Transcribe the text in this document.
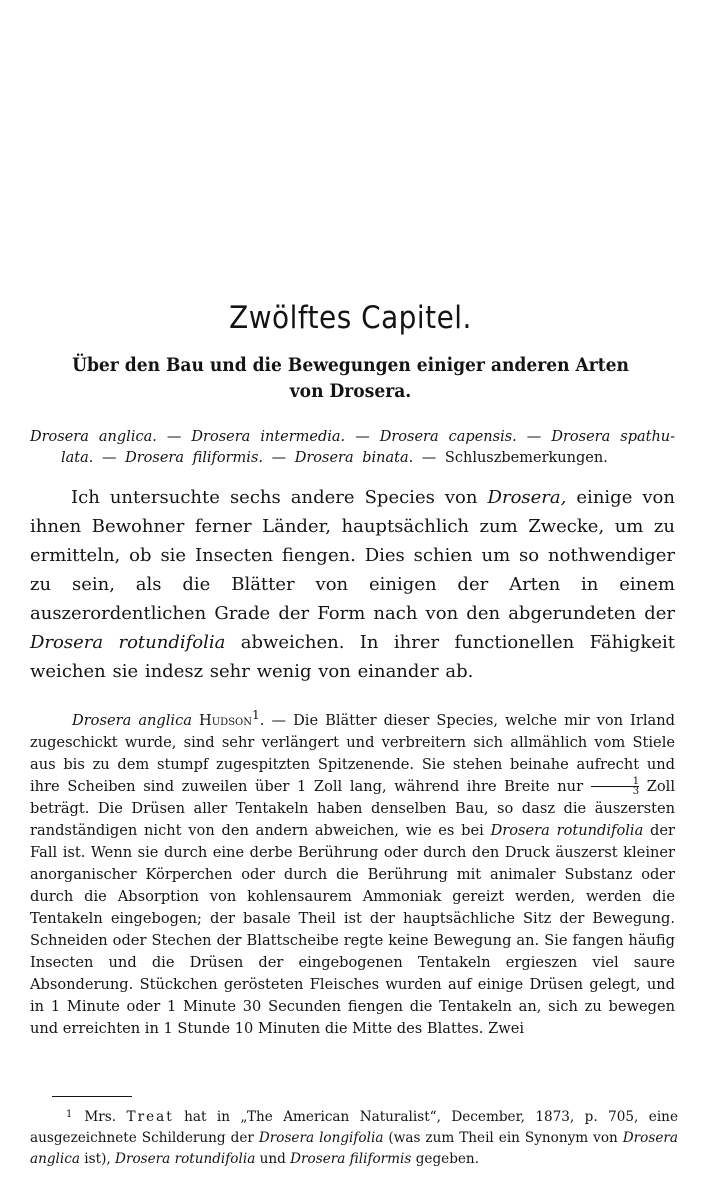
Zwölftes Capitel.
Über den Bau und die Bewegungen einiger anderen Arten
von Drosera.

Drosera anglica. — Drosera intermedia. — Drosera capensis. — Drosera spathu-
lata. — Drosera filiformis. — Drosera binata. — Schluszbemerkungen.

Ich untersuchte sechs andere Species von Drosera, einige von ihnen Bewohner ferner Länder, hauptsächlich zum Zwecke, um zu ermitteln, ob sie Insecten fiengen. Dies schien um so nothwendiger zu sein, als die Blätter von einigen der Arten in einem auszerordentlichen Grade der Form nach von den abgerundeten der Drosera rotundifolia abweichen. In ihrer functionellen Fähigkeit weichen sie indesz sehr wenig von einander ab.

Drosera anglica Hudson$^1$. — Die Blätter dieser Species, welche mir von Irland zugeschickt wurde, sind sehr verlängert und verbreitern sich allmählich vom Stiele aus bis zu dem stumpf zugespitzten Spitzenende. Sie stehen beinahe aufrecht und ihre Scheiben sind zuweilen über 1 Zoll lang, während ihre Breite nur $\frac{1}{3}$ Zoll beträgt. Die Drüsen aller Tentakeln haben denselben Bau, so dasz die äuszersten randständigen nicht von den andern abweichen, wie es bei Drosera rotundifolia der Fall ist. Wenn sie durch eine derbe Berührung oder durch den Druck äuszerst kleiner anorganischer Körperchen oder durch die Berührung mit animaler Substanz oder durch die Absorption von kohlensaurem Ammoniak gereizt werden, werden die Tentakeln eingebogen; der basale Theil ist der hauptsächliche Sitz der Bewegung. Schneiden oder Stechen der Blattscheibe regte keine Bewegung an. Sie fangen häufig Insecten und die Drüsen der eingebogenen Tentakeln ergieszen viel saure Absonderung. Stückchen gerösteten Fleisches wurden auf einige Drüsen gelegt, und in 1 Minute oder 1 Minute 30 Secunden fiengen die Tentakeln an, sich zu bewegen und erreichten in 1 Stunde 10 Minuten die Mitte des Blattes. Zwei

$^1$ Mrs. Treat hat in „The American Naturalist“, December, 1873, p. 705, eine ausgezeichnete Schilderung der Drosera longifolia (was zum Theil ein Synonym von Drosera anglica ist), Drosera rotundifolia und Drosera filiformis gegeben.
